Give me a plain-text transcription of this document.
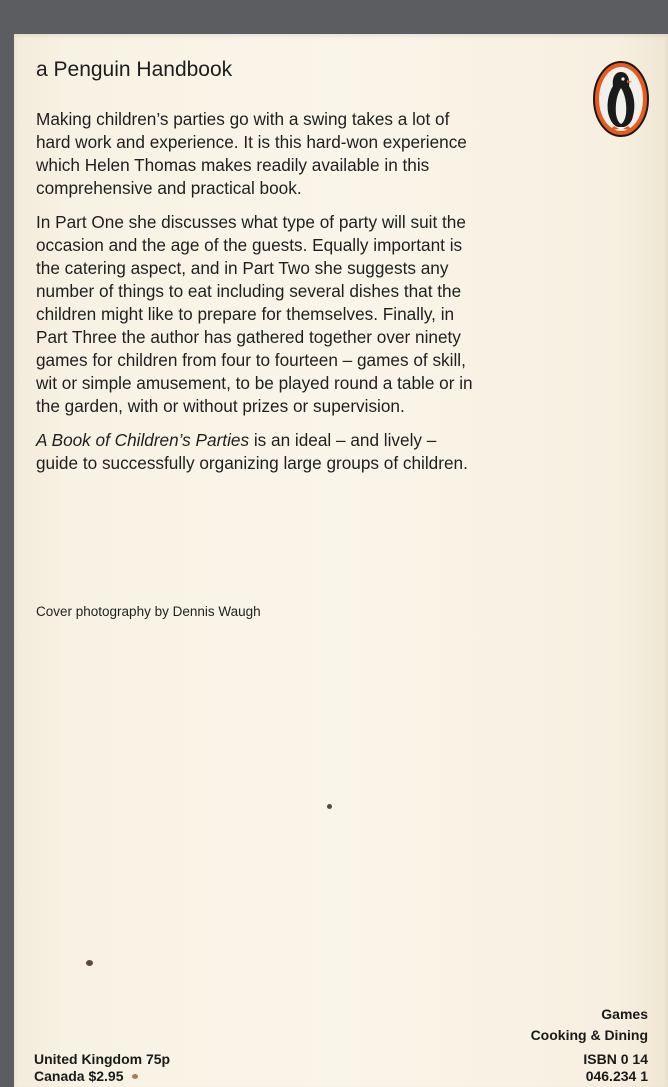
a Penguin Handbook

Making children’s parties go with a swing takes a lot of hard work and experience. It is this hard-won experience which Helen Thomas makes readily available in this comprehensive and practical book.

In Part One she discusses what type of party will suit the occasion and the age of the guests. Equally important is the catering aspect, and in Part Two she suggests any number of things to eat including several dishes that the children might like to prepare for themselves. Finally, in Part Three the author has gathered together over ninety games for children from four to fourteen – games of skill, wit or simple amusement, to be played round a table or in the garden, with or without prizes or supervision.

A Book of Children’s Parties is an ideal – and lively – guide to successfully organizing large groups of children.

Cover photography by Dennis Waugh

Games
Cooking & Dining
ISBN 0 14
046.234 1
United Kingdom 75p
Canada $2.95
